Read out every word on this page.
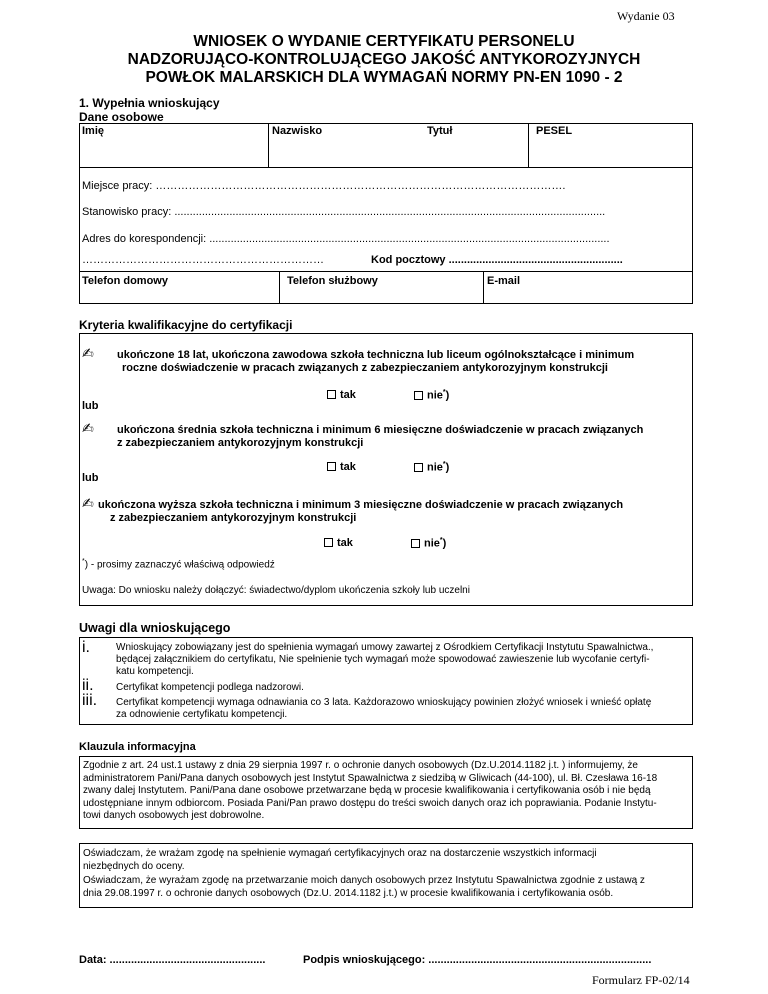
Wydanie 03
WNIOSEK O WYDANIE CERTYFIKATU PERSONELU
NADZORUJĄCO-KONTROLUJĄCEGO JAKOŚĆ ANTYKOROZYJNYCH
POWŁOK MALARSKICH DLA WYMAGAŃ NORMY PN-EN 1090 - 2
1. Wypełnia wnioskujący
Dane osobowe
Imię	Nazwisko	Tytuł	PESEL
Miejsce pracy: ………………………………………………………………………………………………….
Stanowisko pracy: .............................................................................................................................................
Adres do korespondencji: ...................................................................................................................................
…………………………………………………………	Kod pocztowy .........................................................
Telefon domowy	Telefon służbowy	E-mail
Kryteria kwalifikacyjne do certyfikacji
✍ ukończone 18 lat, ukończona zawodowa szkoła techniczna lub liceum ogólnokształcące i minimum
roczne doświadczenie w pracach związanych z zabezpieczaniem antykorozyjnym konstrukcji
tak	nie*)
lub
✍ ukończona średnia szkoła techniczna i minimum 6 miesięczne doświadczenie w pracach związanych
z zabezpieczaniem antykorozyjnym konstrukcji
tak	nie*)
lub
✍ ukończona wyższa szkoła techniczna i minimum 3 miesięczne doświadczenie w pracach związanych
z zabezpieczaniem antykorozyjnym konstrukcji
tak	nie*)
*) - prosimy zaznaczyć właściwą odpowiedź
Uwaga: Do wniosku należy dołączyć: świadectwo/dyplom ukończenia szkoły lub uczelni
Uwagi dla wnioskującego
i.	Wnioskujący zobowiązany jest do spełnienia wymagań umowy zawartej z Ośrodkiem Certyfikacji Instytutu Spawalnictwa.,
będącej załącznikiem do certyfikatu, Nie spełnienie tych wymagań może spowodować zawieszenie lub wycofanie certyfi-
katu kompetencji.
ii. Certyfikat kompetencji podlega nadzorowi.
iii. Certyfikat kompetencji wymaga odnawiania co 3 lata. Każdorazowo wnioskujący powinien złożyć wniosek i wnieść opłatę
za odnowienie certyfikatu kompetencji.
Klauzula informacyjna
Zgodnie z art. 24 ust.1 ustawy z dnia 29 sierpnia 1997 r. o ochronie danych osobowych (Dz.U.2014.1182 j.t. ) informujemy, że
administratorem Pani/Pana danych osobowych jest Instytut Spawalnictwa z siedzibą w Gliwicach (44-100), ul. Bł. Czesława 16-18
zwany dalej Instytutem. Pani/Pana dane osobowe przetwarzane będą w procesie kwalifikowania i certyfikowania osób i nie będą
udostępniane innym odbiorcom. Posiada Pani/Pan prawo dostępu do treści swoich danych oraz ich poprawiania. Podanie Instytu-
towi danych osobowych jest dobrowolne.
Oświadczam, że wrażam zgodę na spełnienie wymagań certyfikacyjnych oraz na dostarczenie wszystkich informacji
niezbędnych do oceny.
Oświadczam, że wyrażam zgodę na przetwarzanie moich danych osobowych przez Instytutu Spawalnictwa zgodnie z ustawą z
dnia 29.08.1997 r. o ochronie danych osobowych (Dz.U. 2014.1182 j.t.) w procesie kwalifikowania i certyfikowania osób.
Data: ...................................................	Podpis wnioskującego: .........................................................................
Formularz FP-02/14
